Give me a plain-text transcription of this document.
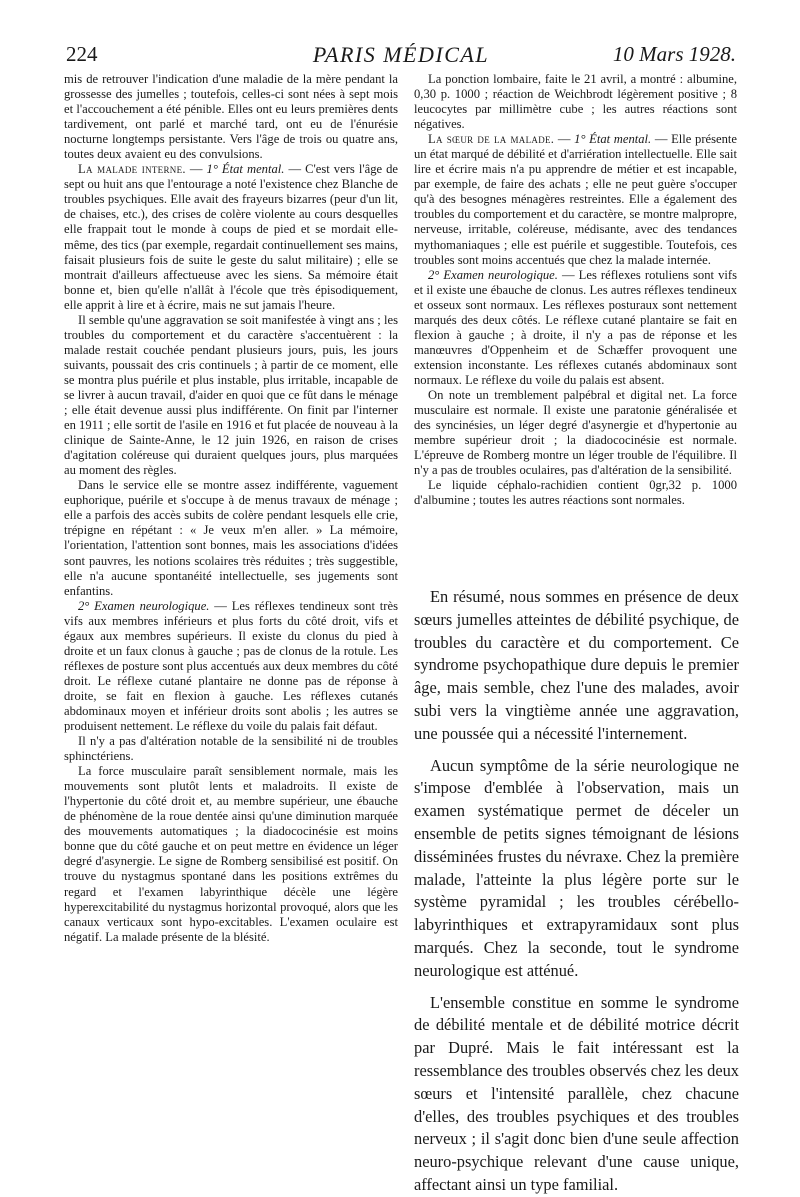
224	PARIS MÉDICAL	10 Mars 1928.

mis de retrouver l'indication d'une maladie de la mère pendant la grossesse des jumelles ; toutefois, celles-ci sont nées à sept mois et l'accouchement a été pénible. Elles ont eu leurs premières dents tardivement, ont parlé et marché tard, ont eu de l'énurésie nocturne longtemps persistante. Vers l'âge de trois ou quatre ans, toutes deux avaient eu des convulsions.

La malade interne. — 1° État mental. — C'est vers l'âge de sept ou huit ans que l'entourage a noté l'existence chez Blanche de troubles psychiques. Elle avait des frayeurs bizarres (peur d'un lit, de chaises, etc.), des crises de colère violente au cours desquelles elle frappait tout le monde à coups de pied et se mordait elle-même, des tics (par exemple, regardait continuellement ses mains, faisait plusieurs fois de suite le geste du salut militaire) ; elle se montrait d'ailleurs affectueuse avec les siens. Sa mémoire était bonne et, bien qu'elle n'allât à l'école que très épisodiquement, elle apprit à lire et à écrire, mais ne sut jamais l'heure.

Il semble qu'une aggravation se soit manifestée à vingt ans ; les troubles du comportement et du caractère s'accentuèrent : la malade restait couchée pendant plusieurs jours, puis, les jours suivants, poussait des cris continuels ; à partir de ce moment, elle se montra plus puérile et plus instable, plus irritable, incapable de se livrer à aucun travail, d'aider en quoi que ce fût dans le ménage ; elle était devenue aussi plus indifférente. On finit par l'interner en 1911 ; elle sortit de l'asile en 1916 et fut placée de nouveau à la clinique de Sainte-Anne, le 12 juin 1926, en raison de crises d'agitation coléreuse qui duraient quelques jours, plus marquées au moment des règles.

Dans le service elle se montre assez indifférente, vaguement euphorique, puérile et s'occupe à de menus travaux de ménage ; elle a parfois des accès subits de colère pendant lesquels elle crie, trépigne en répétant : « Je veux m'en aller. » La mémoire, l'orientation, l'attention sont bonnes, mais les associations d'idées sont pauvres, les notions scolaires très réduites ; très suggestible, elle n'a aucune spontanéité intellectuelle, ses jugements sont enfantins.

2° Examen neurologique. — Les réflexes tendineux sont très vifs aux membres inférieurs et plus forts du côté droit, vifs et égaux aux membres supérieurs. Il existe du clonus du pied à droite et un faux clonus à gauche ; pas de clonus de la rotule. Les réflexes de posture sont plus accentués aux deux membres du côté droit. Le réflexe cutané plantaire ne donne pas de réponse à droite, se fait en flexion à gauche. Les réflexes cutanés abdominaux moyen et inférieur droits sont abolis ; les autres se produisent nettement. Le réflexe du voile du palais fait défaut.

Il n'y a pas d'altération notable de la sensibilité ni de troubles sphinctériens.

La force musculaire paraît sensiblement normale, mais les mouvements sont plutôt lents et maladroits. Il existe de l'hypertonie du côté droit et, au membre supérieur, une ébauche de phénomène de la roue dentée ainsi qu'une diminution marquée des mouvements automatiques ; la diadococinésie est moins bonne que du côté gauche et on peut mettre en évidence un léger degré d'asynergie. Le signe de Romberg sensibilisé est positif. On trouve du nystagmus spontané dans les positions extrêmes du regard et l'examen labyrinthique décèle une légère hyperexcitabilité du nystagmus horizontal provoqué, alors que les canaux verticaux sont hypo-excitables. L'examen oculaire est négatif. La malade présente de la blésité.

La ponction lombaire, faite le 21 avril, a montré : albumine, 0,30 p. 1000 ; réaction de Weichbrodt légèrement positive ; 8 leucocytes par millimètre cube ; les autres réactions sont négatives.

La sœur de la malade. — 1° État mental. — Elle présente un état marqué de débilité et d'arriération intellectuelle. Elle sait lire et écrire mais n'a pu apprendre de métier et est incapable, par exemple, de faire des achats ; elle ne peut guère s'occuper qu'à des besognes ménagères restreintes. Elle a également des troubles du comportement et du caractère, se montre malpropre, nerveuse, irritable, coléreuse, médisante, avec des tendances mythomaniaques ; elle est puérile et suggestible. Toutefois, ces troubles sont moins accentués que chez la malade internée.

2° Examen neurologique. — Les réflexes rotuliens sont vifs et il existe une ébauche de clonus. Les autres réflexes tendineux et osseux sont normaux. Les réflexes posturaux sont nettement marqués des deux côtés. Le réflexe cutané plantaire se fait en flexion à gauche ; à droite, il n'y a pas de réponse et les manœuvres d'Oppenheim et de Schæffer provoquent une extension inconstante. Les réflexes cutanés abdominaux sont normaux. Le réflexe du voile du palais est absent.

On note un tremblement palpébral et digital net. La force musculaire est normale. Il existe une paratonie généralisée et des syncinésies, un léger degré d'asynergie et d'hypertonie au membre supérieur droit ; la diadococinésie est normale. L'épreuve de Romberg montre un léger trouble de l'équilibre. Il n'y a pas de troubles oculaires, pas d'altération de la sensibilité.

Le liquide céphalo-rachidien contient 0gr,32 p. 1000 d'albumine ; toutes les autres réactions sont normales.

En résumé, nous sommes en présence de deux sœurs jumelles atteintes de débilité psychique, de troubles du caractère et du comportement. Ce syndrome psychopathique dure depuis le premier âge, mais semble, chez l'une des malades, avoir subi vers la vingtième année une aggravation, une poussée qui a nécessité l'internement.

Aucun symptôme de la série neurologique ne s'impose d'emblée à l'observation, mais un examen systématique permet de déceler un ensemble de petits signes témoignant de lésions disséminées frustes du névraxe. Chez la première malade, l'atteinte la plus légère porte sur le système pyramidal ; les troubles cérébello-labyrinthiques et extrapyramidaux sont plus marqués. Chez la seconde, tout le syndrome neurologique est atténué.

L'ensemble constitue en somme le syndrome de débilité mentale et de débilité motrice décrit par Dupré. Mais le fait intéressant est la ressemblance des troubles observés chez les deux sœurs et l'intensité parallèle, chez chacune d'elles, des troubles psychiques et des troubles nerveux ; il s'agit donc bien d'une seule affection neuro-psychique relevant d'une cause unique, affectant ainsi un type familial.
